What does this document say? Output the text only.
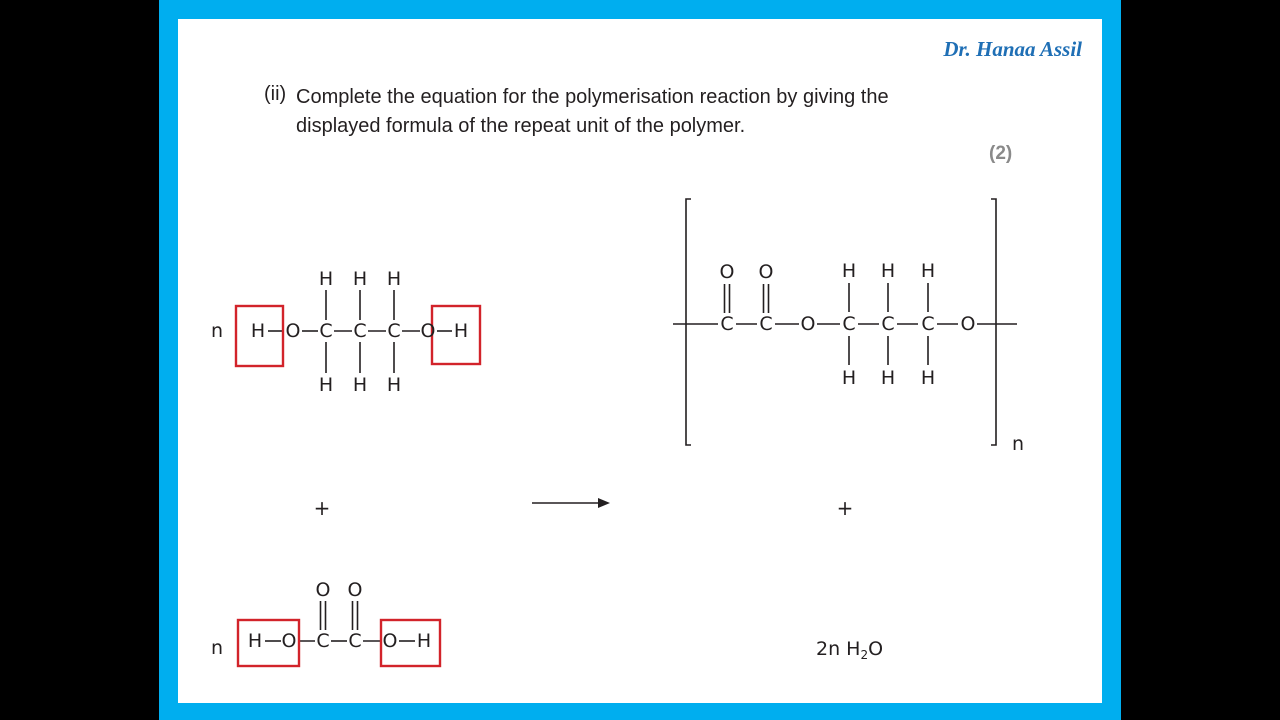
Dr. Hanaa Assil
(ii) Complete the equation for the polymerisation reaction by giving the displayed formula of the repeat unit of the polymer.
(2)
H O C
H
H
C
H
H
C
H
H
O H
H O C C
O O
O H
C C
O O
O C
H
H
C
H
H
C
H
H
O
n
n
+	+
n
2n $H_2O$
